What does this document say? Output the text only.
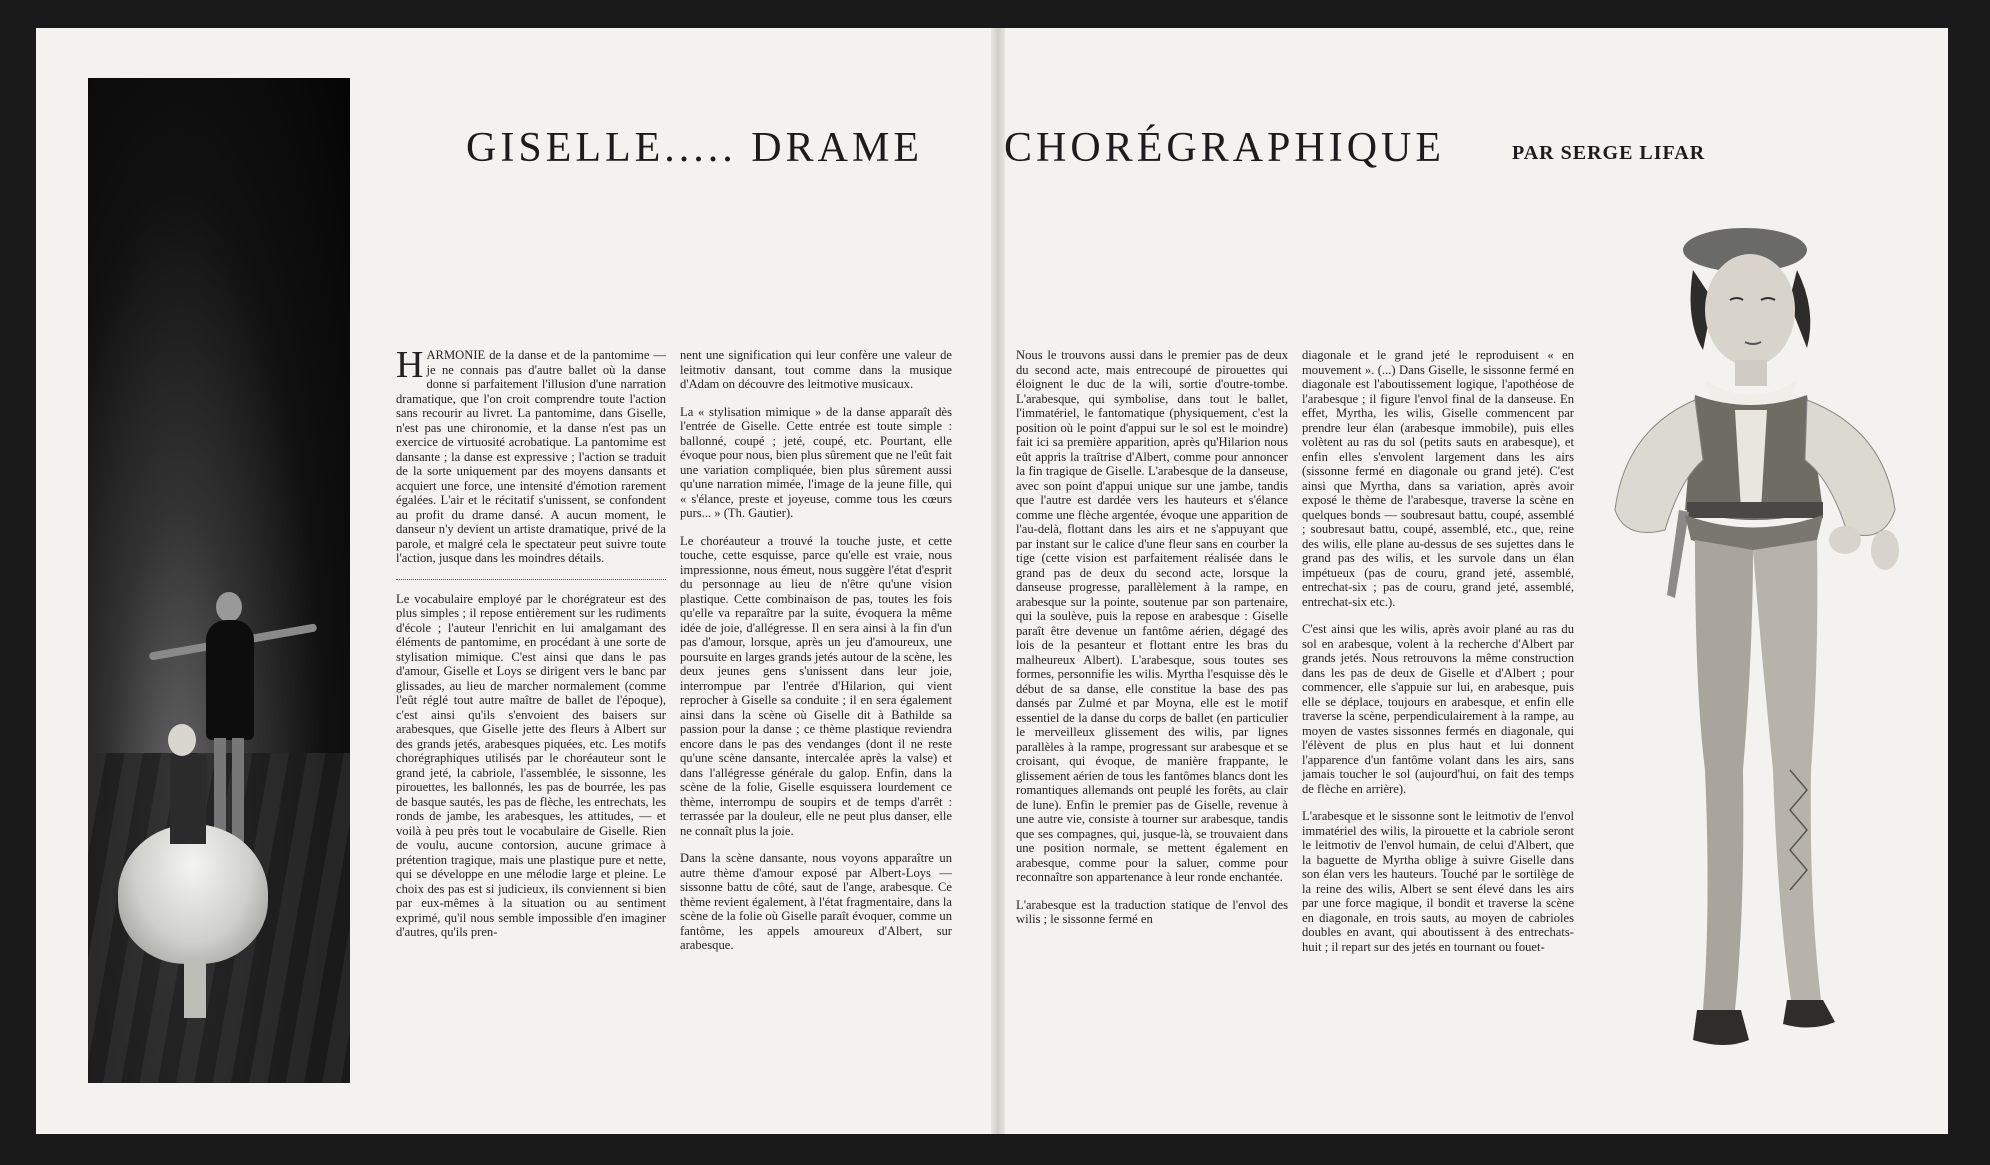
GISELLE..... DRAME CHORÉGRAPHIQUE	PAR SERGE LIFAR

HARMONIE de la danse et de la pantomime — je ne connais pas d'autre ballet où la danse donne si parfaitement l'illusion d'une narration dramatique, que l'on croit comprendre toute l'action sans recourir au livret. La pantomime, dans Giselle, n'est pas une chironomie, et la danse n'est pas un exercice de virtuosité acrobatique. La pantomime est dansante ; la danse est expressive ; l'action se traduit de la sorte uniquement par des moyens dansants et acquiert une force, une intensité d'émotion rarement égalées. L'air et le récitatif s'unissent, se confondent au profit du drame dansé. A aucun moment, le danseur n'y devient un artiste dramatique, privé de la parole, et malgré cela le spectateur peut suivre toute l'action, jusque dans les moindres détails.

Le vocabulaire employé par le chorégrateur est des plus simples ; il repose entièrement sur les rudiments d'école ; l'auteur l'enrichit en lui amalgamant des éléments de pantomime, en procédant à une sorte de stylisation mimique. C'est ainsi que dans le pas d'amour, Giselle et Loys se dirigent vers le banc par glissades, au lieu de marcher normalement (comme l'eût réglé tout autre maître de ballet de l'époque), c'est ainsi qu'ils s'envoient des baisers sur arabesques, que Giselle jette des fleurs à Albert sur des grands jetés, arabesques piquées, etc. Les motifs chorégraphiques utilisés par le choréauteur sont le grand jeté, la cabriole, l'assemblée, le sissonne, les pirouettes, les ballonnés, les pas de bourrée, les pas de basque sautés, les pas de flèche, les entrechats, les ronds de jambe, les arabesques, les attitudes, — et voilà à peu près tout le vocabulaire de Giselle. Rien de voulu, aucune contorsion, aucune grimace à prétention tragique, mais une plastique pure et nette, qui se développe en une mélodie large et pleine. Le choix des pas est si judicieux, ils conviennent si bien par eux-mêmes à la situation ou au sentiment exprimé, qu'il nous semble impossible d'en imaginer d'autres, qu'ils pren-

nent une signification qui leur confère une valeur de leitmotiv dansant, tout comme dans la musique d'Adam on découvre des leitmotive musicaux.

La « stylisation mimique » de la danse apparaît dès l'entrée de Giselle. Cette entrée est toute simple : ballonné, coupé ; jeté, coupé, etc. Pourtant, elle évoque pour nous, bien plus sûrement que ne l'eût fait une variation compliquée, bien plus sûrement aussi qu'une narration mimée, l'image de la jeune fille, qui « s'élance, preste et joyeuse, comme tous les cœurs purs... » (Th. Gautier).

Le choréauteur a trouvé la touche juste, et cette touche, cette esquisse, parce qu'elle est vraie, nous impressionne, nous émeut, nous suggère l'état d'esprit du personnage au lieu de n'être qu'une vision plastique. Cette combinaison de pas, toutes les fois qu'elle va reparaître par la suite, évoquera la même idée de joie, d'allégresse. Il en sera ainsi à la fin d'un pas d'amour, lorsque, après un jeu d'amoureux, une poursuite en larges grands jetés autour de la scène, les deux jeunes gens s'unissent dans leur joie, interrompue par l'entrée d'Hilarion, qui vient reprocher à Giselle sa conduite ; il en sera également ainsi dans la scène où Giselle dit à Bathilde sa passion pour la danse ; ce thème plastique reviendra encore dans le pas des vendanges (dont il ne reste qu'une scène dansante, intercalée après la valse) et dans l'allégresse générale du galop. Enfin, dans la scène de la folie, Giselle esquissera lourdement ce thème, interrompu de soupirs et de temps d'arrêt : terrassée par la douleur, elle ne peut plus danser, elle ne connaît plus la joie.

Dans la scène dansante, nous voyons apparaître un autre thème d'amour exposé par Albert-Loys — sissonne battu de côté, saut de l'ange, arabesque. Ce thème revient également, à l'état fragmentaire, dans la scène de la folie où Giselle paraît évoquer, comme un fantôme, les appels amoureux d'Albert, sur arabesque.

Nous le trouvons aussi dans le premier pas de deux du second acte, mais entrecoupé de pirouettes qui éloignent le duc de la wili, sortie d'outre-tombe. L'arabesque, qui symbolise, dans tout le ballet, l'immatériel, le fantomatique (physiquement, c'est la position où le point d'appui sur le sol est le moindre) fait ici sa première apparition, après qu'Hilarion nous eût appris la traîtrise d'Albert, comme pour annoncer la fin tragique de Giselle. L'arabesque de la danseuse, avec son point d'appui unique sur une jambe, tandis que l'autre est dardée vers les hauteurs et s'élance comme une flèche argentée, évoque une apparition de l'au-delà, flottant dans les airs et ne s'appuyant que par instant sur le calice d'une fleur sans en courber la tige (cette vision est parfaitement réalisée dans le grand pas de deux du second acte, lorsque la danseuse progresse, parallèlement à la rampe, en arabesque sur la pointe, soutenue par son partenaire, qui la soulève, puis la repose en arabesque : Giselle paraît être devenue un fantôme aérien, dégagé des lois de la pesanteur et flottant entre les bras du malheureux Albert). L'arabesque, sous toutes ses formes, personnifie les wilis. Myrtha l'esquisse dès le début de sa danse, elle constitue la base des pas dansés par Zulmé et par Moyna, elle est le motif essentiel de la danse du corps de ballet (en particulier le merveilleux glissement des wilis, par lignes parallèles à la rampe, progressant sur arabesque et se croisant, qui évoque, de manière frappante, le glissement aérien de tous les fantômes blancs dont les romantiques allemands ont peuplé les forêts, au clair de lune). Enfin le premier pas de Giselle, revenue à une autre vie, consiste à tourner sur arabesque, tandis que ses compagnes, qui, jusque-là, se trouvaient dans une position normale, se mettent également en arabesque, comme pour la saluer, comme pour reconnaître son appartenance à leur ronde enchantée.

L'arabesque est la traduction statique de l'envol des wilis ; le sissonne fermé en

diagonale et le grand jeté le reproduisent « en mouvement ». (...) Dans Giselle, le sissonne fermé en diagonale est l'aboutissement logique, l'apothéose de l'arabesque ; il figure l'envol final de la danseuse. En effet, Myrtha, les wilis, Giselle commencent par prendre leur élan (arabesque immobile), puis elles volètent au ras du sol (petits sauts en arabesque), et enfin elles s'envolent largement dans les airs (sissonne fermé en diagonale ou grand jeté). C'est ainsi que Myrtha, dans sa variation, après avoir exposé le thème de l'arabesque, traverse la scène en quelques bonds — soubresaut battu, coupé, assemblé ; soubresaut battu, coupé, assemblé, etc., que, reine des wilis, elle plane au-dessus de ses sujettes dans le grand pas des wilis, et les survole dans un élan impétueux (pas de couru, grand jeté, assemblé, entrechat-six ; pas de couru, grand jeté, assemblé, entrechat-six etc.).

C'est ainsi que les wilis, après avoir plané au ras du sol en arabesque, volent à la recherche d'Albert par grands jetés. Nous retrouvons la même construction dans les pas de deux de Giselle et d'Albert ; pour commencer, elle s'appuie sur lui, en arabesque, puis elle se déplace, toujours en arabesque, et enfin elle traverse la scène, perpendiculairement à la rampe, au moyen de vastes sissonnes fermés en diagonale, qui l'élèvent de plus en plus haut et lui donnent l'apparence d'un fantôme volant dans les airs, sans jamais toucher le sol (aujourd'hui, on fait des temps de flèche en arrière).

L'arabesque et le sissonne sont le leitmotiv de l'envol immatériel des wilis, la pirouette et la cabriole seront le leitmotiv de l'envol humain, de celui d'Albert, que la baguette de Myrtha oblige à suivre Giselle dans son élan vers les hauteurs. Touché par le sortilège de la reine des wilis, Albert se sent élevé dans les airs par une force magique, il bondit et traverse la scène en diagonale, en trois sauts, au moyen de cabrioles doubles en avant, qui aboutissent à des entrechats-huit ; il repart sur des jetés en tournant ou fouet-
